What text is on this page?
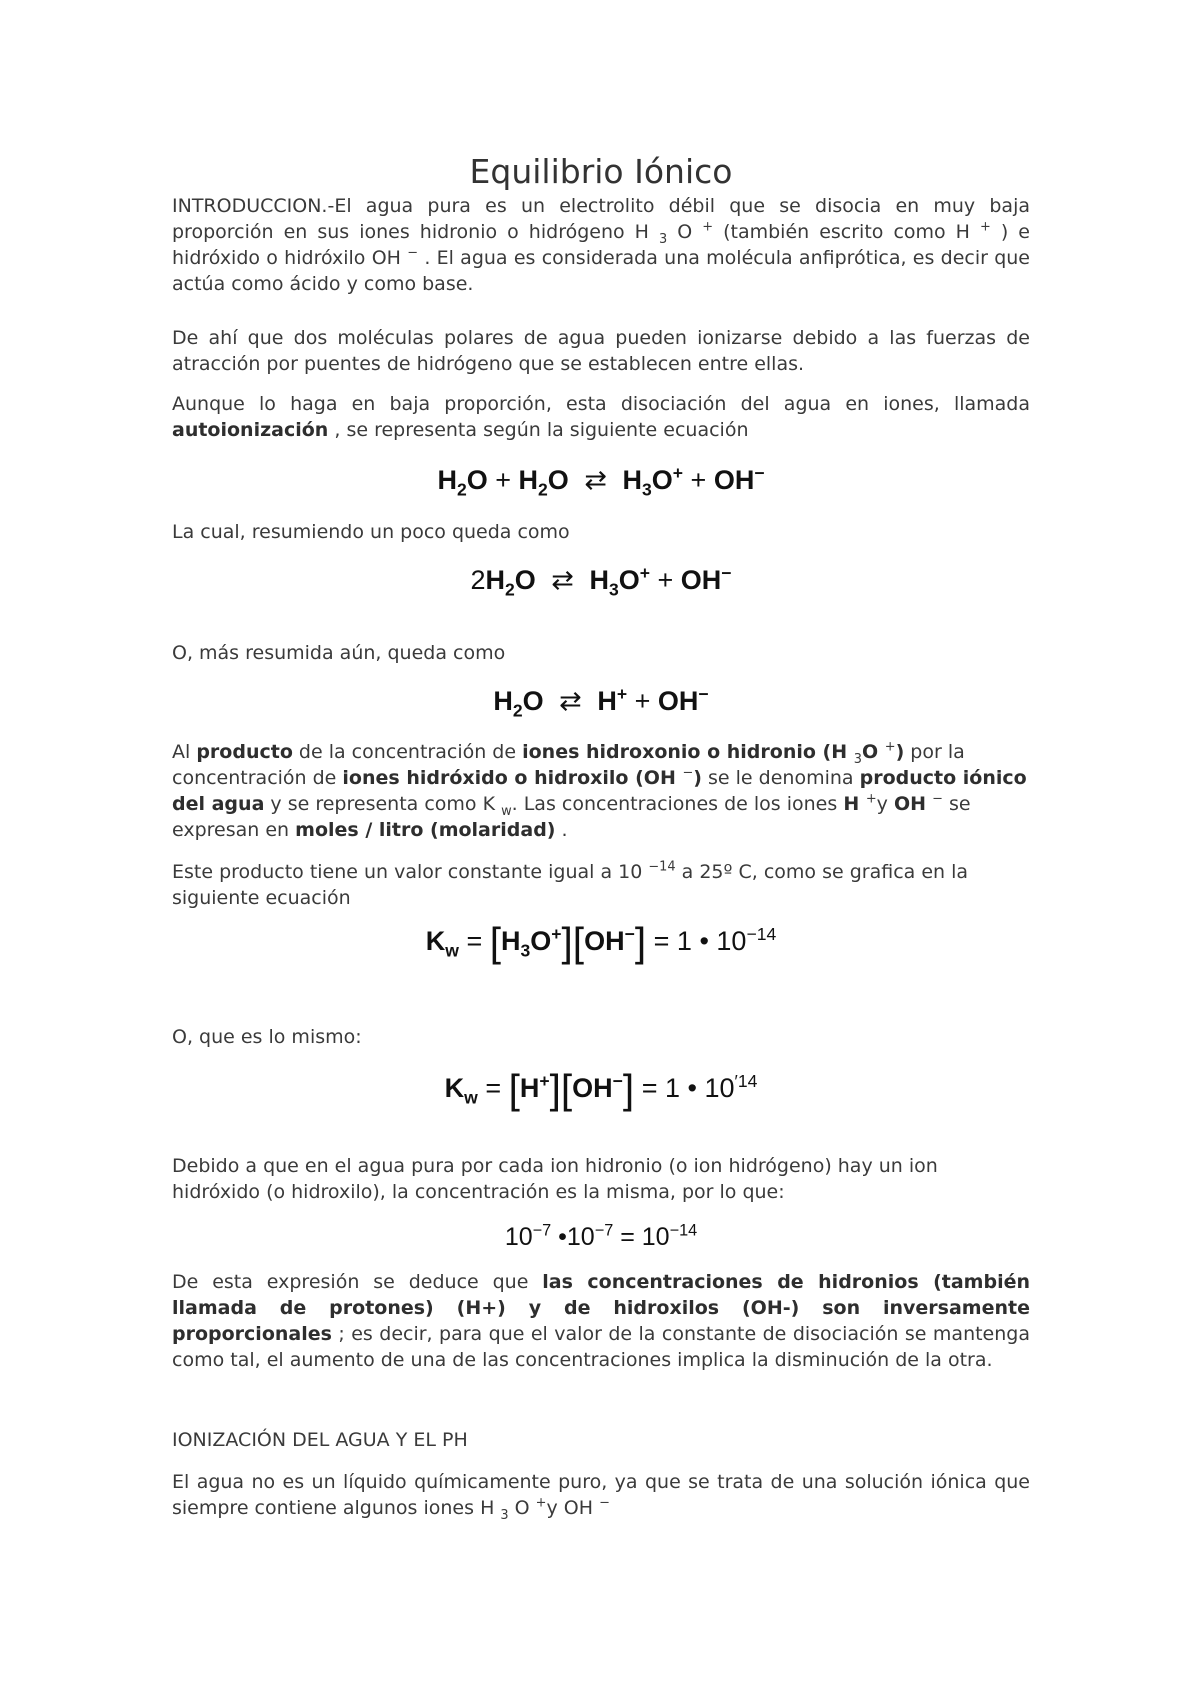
Equilibrio Iónico

INTRODUCCION.-El agua pura es un electrolito débil que se disocia en muy baja proporción en sus iones hidronio o hidrógeno H $_3$ O + (también escrito como H + ) e hidróxido o hidróxilo OH − . El agua es considerada una molécula anfiprótica, es decir que actúa como ácido y como base.

De ahí que dos moléculas polares de agua pueden ionizarse debido a las fuerzas de atracción por puentes de hidrógeno que se establecen entre ellas.

Aunque lo haga en baja proporción, esta disociación del agua en iones, llamada autoionización , se representa según la siguiente ecuación

$H_2O + H_2O$ ⇄ $H_3O^+ + OH^-$

La cual, resumiendo un poco queda como

$2H_2O$ ⇄ $H_3O^+ + OH^-$

O, más resumida aún, queda como

$H_2O$ ⇄ H+ + OH−

Al producto de la concentración de iones hidroxonio o hidronio (H $_3$O +) por la concentración de iones hidróxido o hidroxilo (OH −) se le denomina producto iónico del agua y se representa como K $_w$. Las concentraciones de los iones H +y OH − se expresan en moles / litro (molaridad) .

Este producto tiene un valor constante igual a 10 $^{-14}$ a 25º C, como se grafica en la siguiente ecuación

$K_w = [H_3O^+][OH^-] = 1$ • $10^{-14}$

O, que es lo mismo:

$K_w = [H^+][OH^-] = 1$ • $10^{'14}$

Debido a que en el agua pura por cada ion hidronio (o ion hidrógeno) hay un ion hidróxido (o hidroxilo), la concentración es la misma, por lo que:

$10^{-7}$ $•10^{-7} = 10^{-14}$

De esta expresión se deduce que las concentraciones de hidronios (también llamada de protones) (H+) y de hidroxilos (OH-) son inversamente proporcionales ; es decir, para que el valor de la constante de disociación se mantenga como tal, el aumento de una de las concentraciones implica la disminución de la otra.

IONIZACIÓN DEL AGUA Y EL PH

El agua no es un líquido químicamente puro, ya que se trata de una solución iónica que siempre contiene algunos iones H $_3$ O +y OH −
